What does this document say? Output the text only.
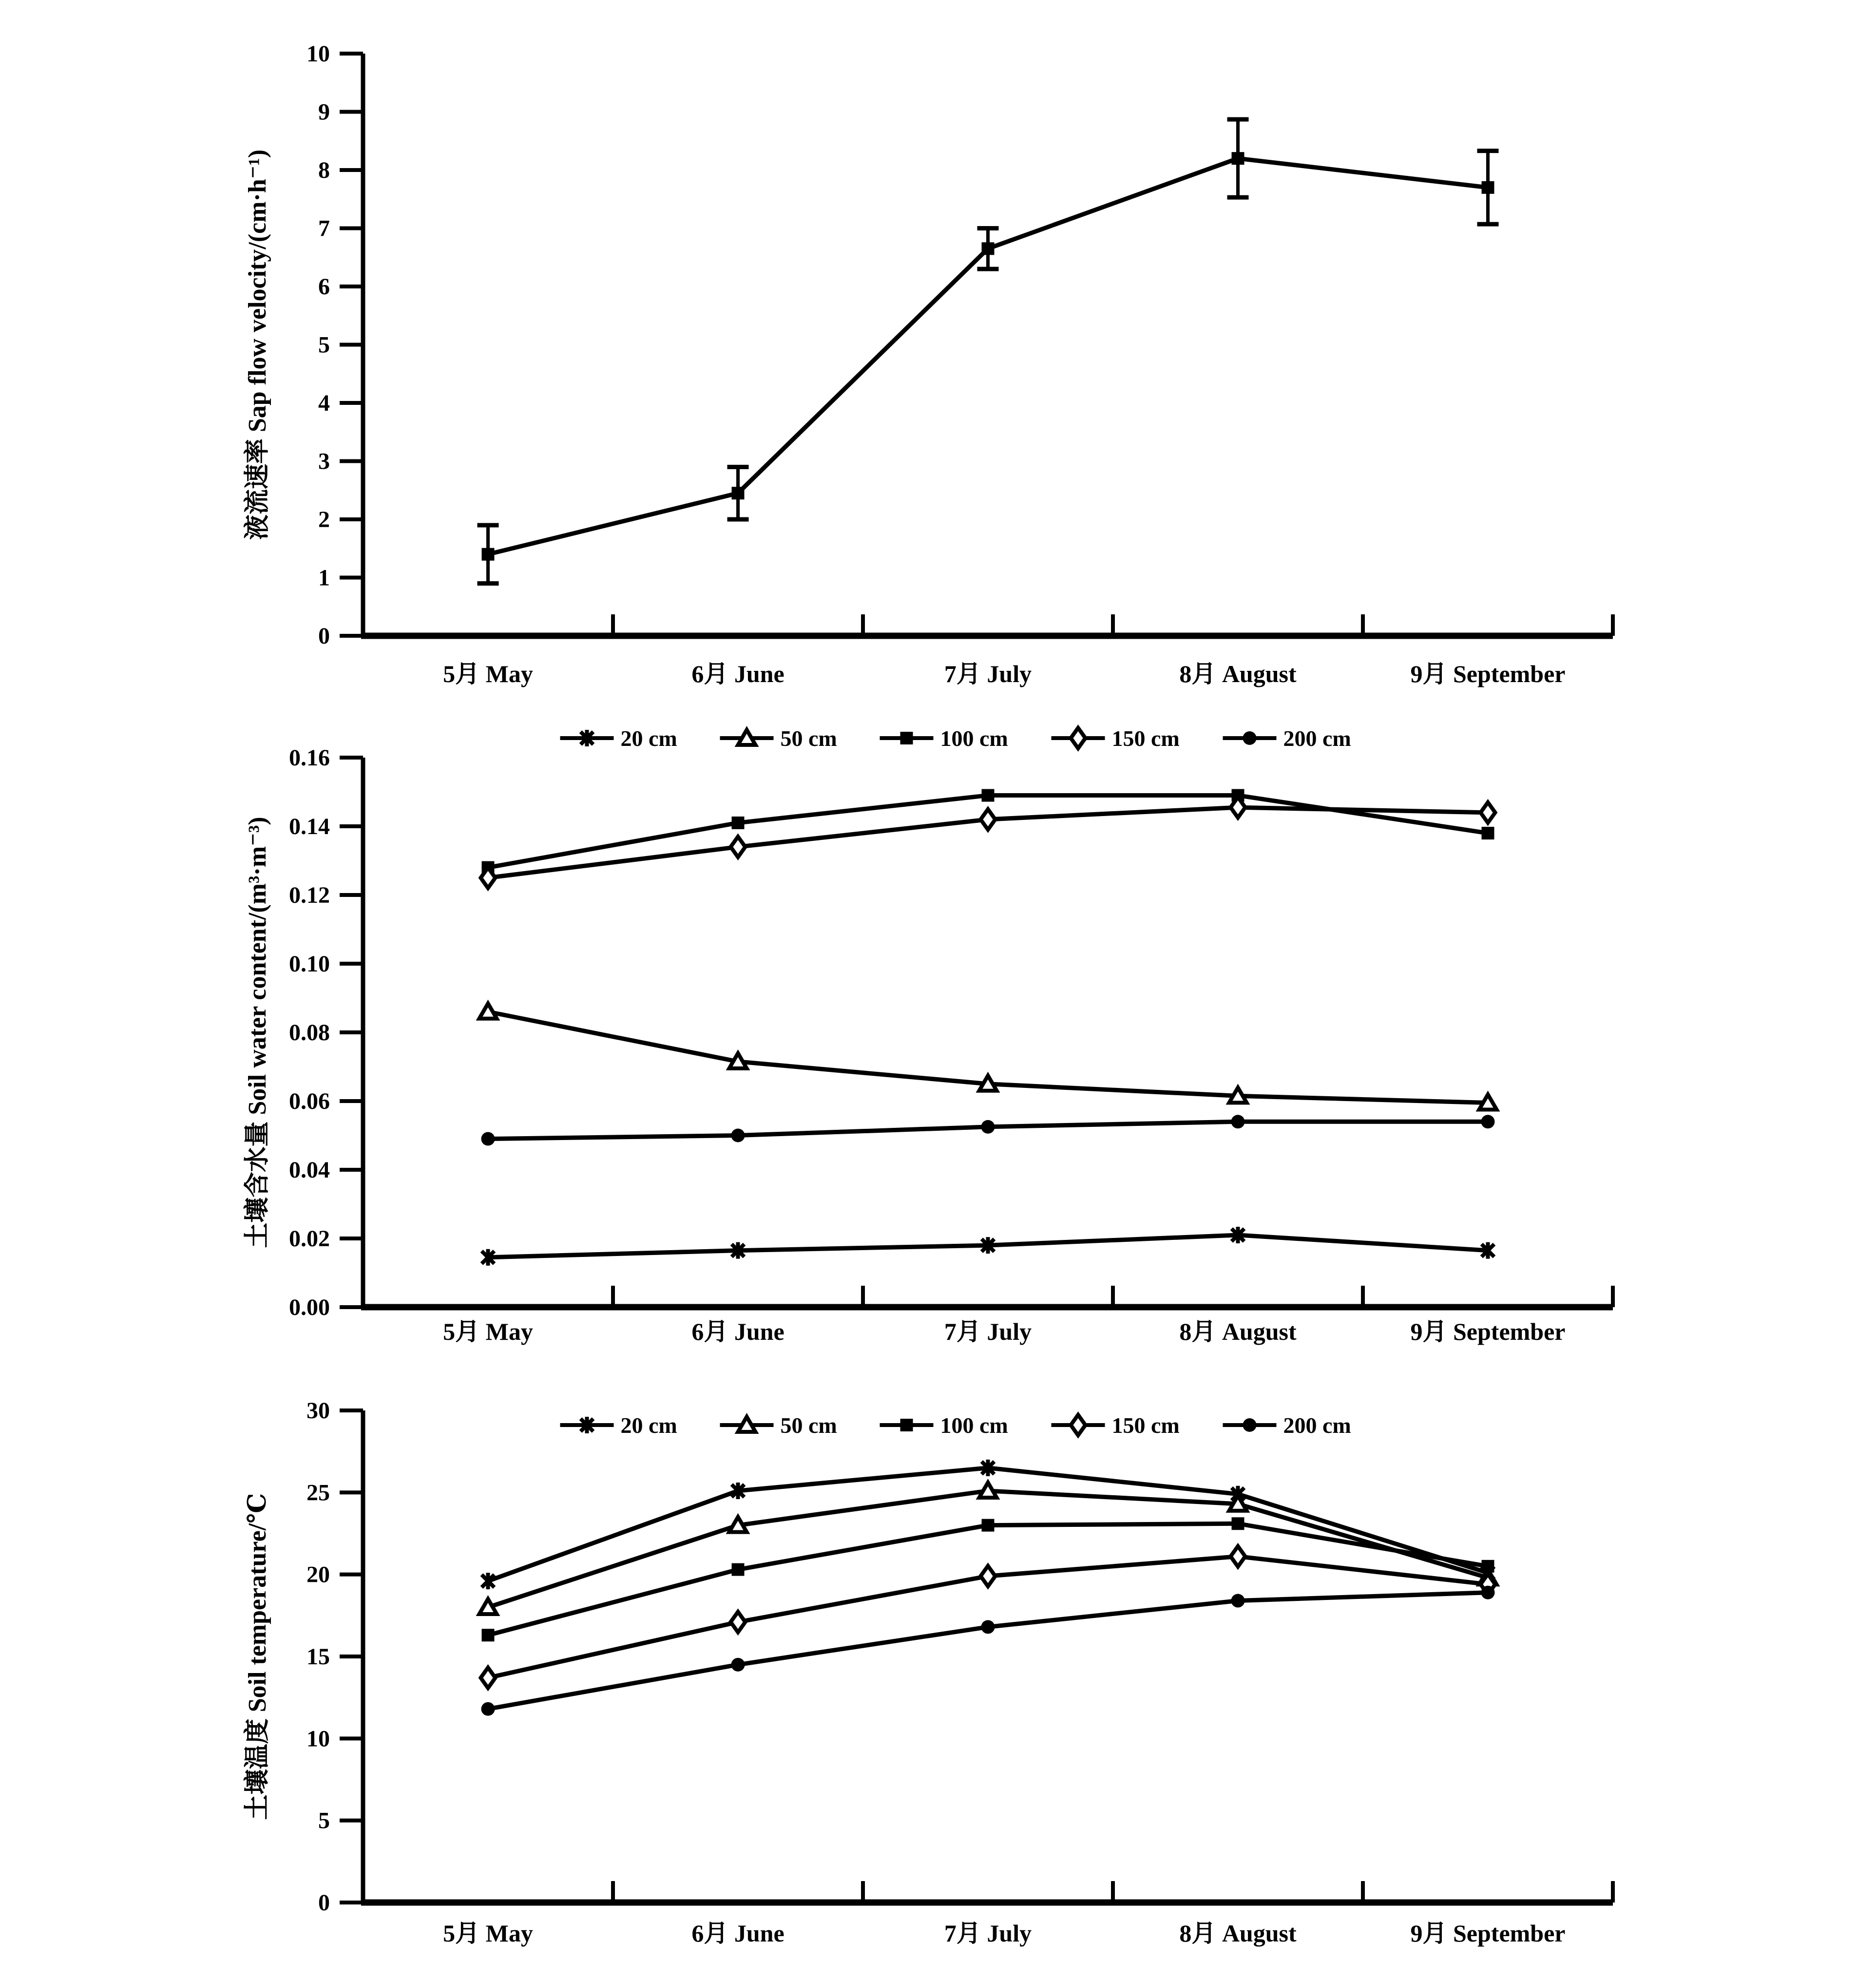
0
1
2
3
4
5
6
7
8
9
10
5月 May	6月 June	7月 July	8月 August	9月 September
液流速率 Sap flow velocity/(cm·h⁻¹)
0.00
0.02
0.04
0.06
0.08
0.10
0.12
0.14
0.16
5月 May	6月 June	7月 July	8月 August	9月 September
土壤含水量 Soil water content/(m³·m⁻³)
20 cm	50 cm	100 cm	150 cm	200 cm
0
5
10
15
20
25
30
5月 May	6月 June	7月 July	8月 August	9月 September
土壤温度 Soil temperature/℃
20 cm	50 cm	100 cm	150 cm	200 cm
